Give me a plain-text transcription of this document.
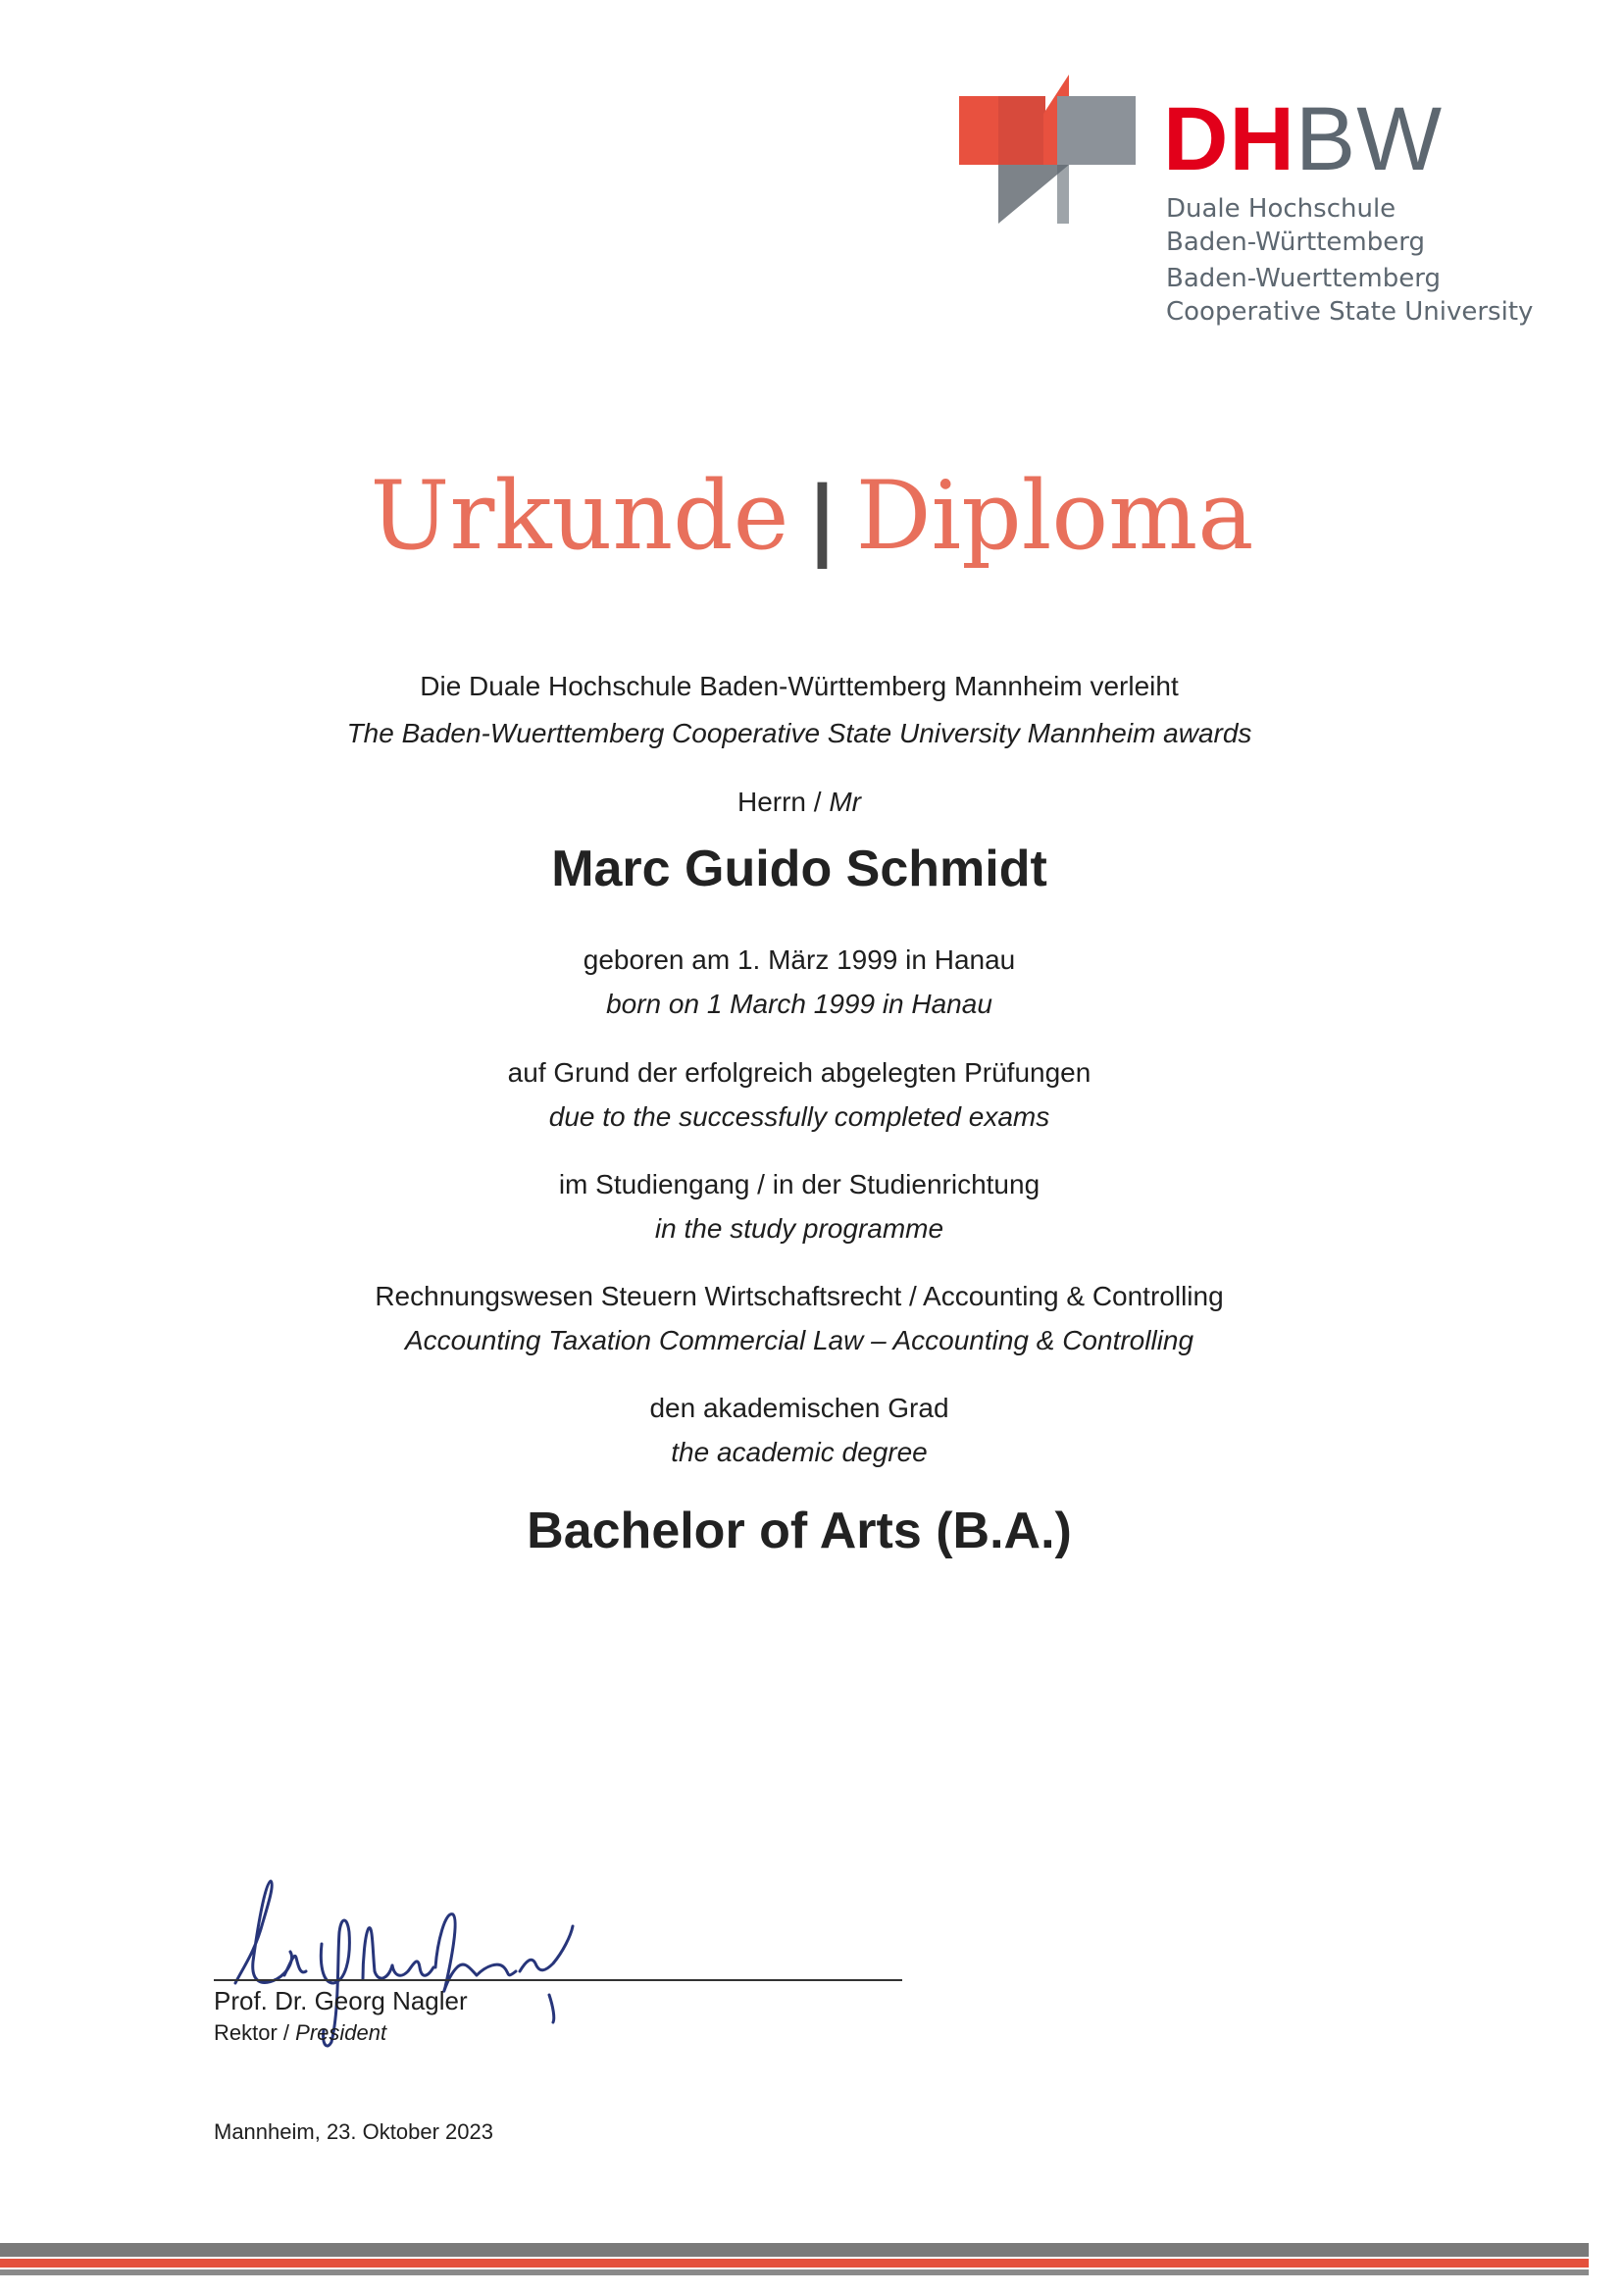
DHBW
Duale Hochschule
Baden-Württemberg
Baden-Wuerttemberg
Cooperative State University
Urkunde | Diploma
Die Duale Hochschule Baden-Württemberg Mannheim verleiht
The Baden-Wuerttemberg Cooperative State University Mannheim awards
Herrn / Mr
Marc Guido Schmidt
geboren am 1. März 1999 in Hanau
born on 1 March 1999 in Hanau
auf Grund der erfolgreich abgelegten Prüfungen
due to the successfully completed exams
im Studiengang / in der Studienrichtung
in the study programme
Rechnungswesen Steuern Wirtschaftsrecht / Accounting & Controlling
Accounting Taxation Commercial Law – Accounting & Controlling
den akademischen Grad
the academic degree
Bachelor of Arts (B.A.)
Prof. Dr. Georg Nagler
Rektor / President
Mannheim, 23. Oktober 2023
